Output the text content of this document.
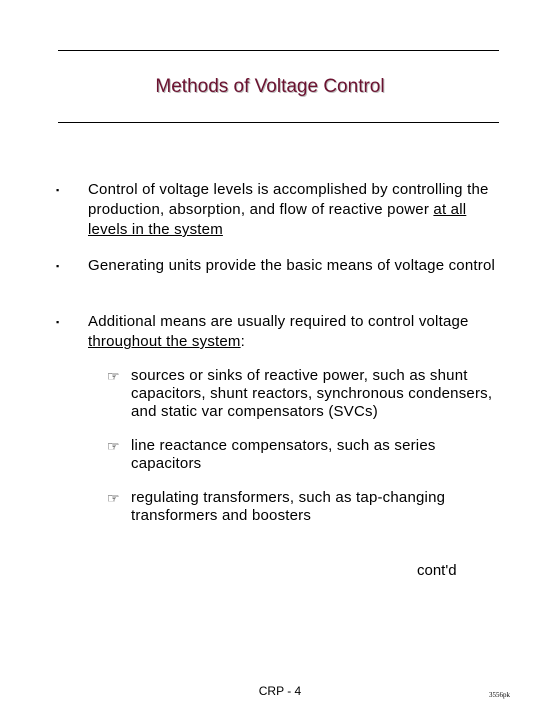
Methods of Voltage Control
▪ Control of voltage levels is accomplished by controlling the production, absorption, and flow of reactive power at all levels in the system
▪ Generating units provide the basic means of voltage control
▪ Additional means are usually required to control voltage throughout the system:
☞ sources or sinks of reactive power, such as shunt capacitors, shunt reactors, synchronous condensers, and static var compensators (SVCs)
☞ line reactance compensators, such as series capacitors
☞ regulating transformers, such as tap-changing transformers and boosters
cont'd
CRP - 4	3556pk
